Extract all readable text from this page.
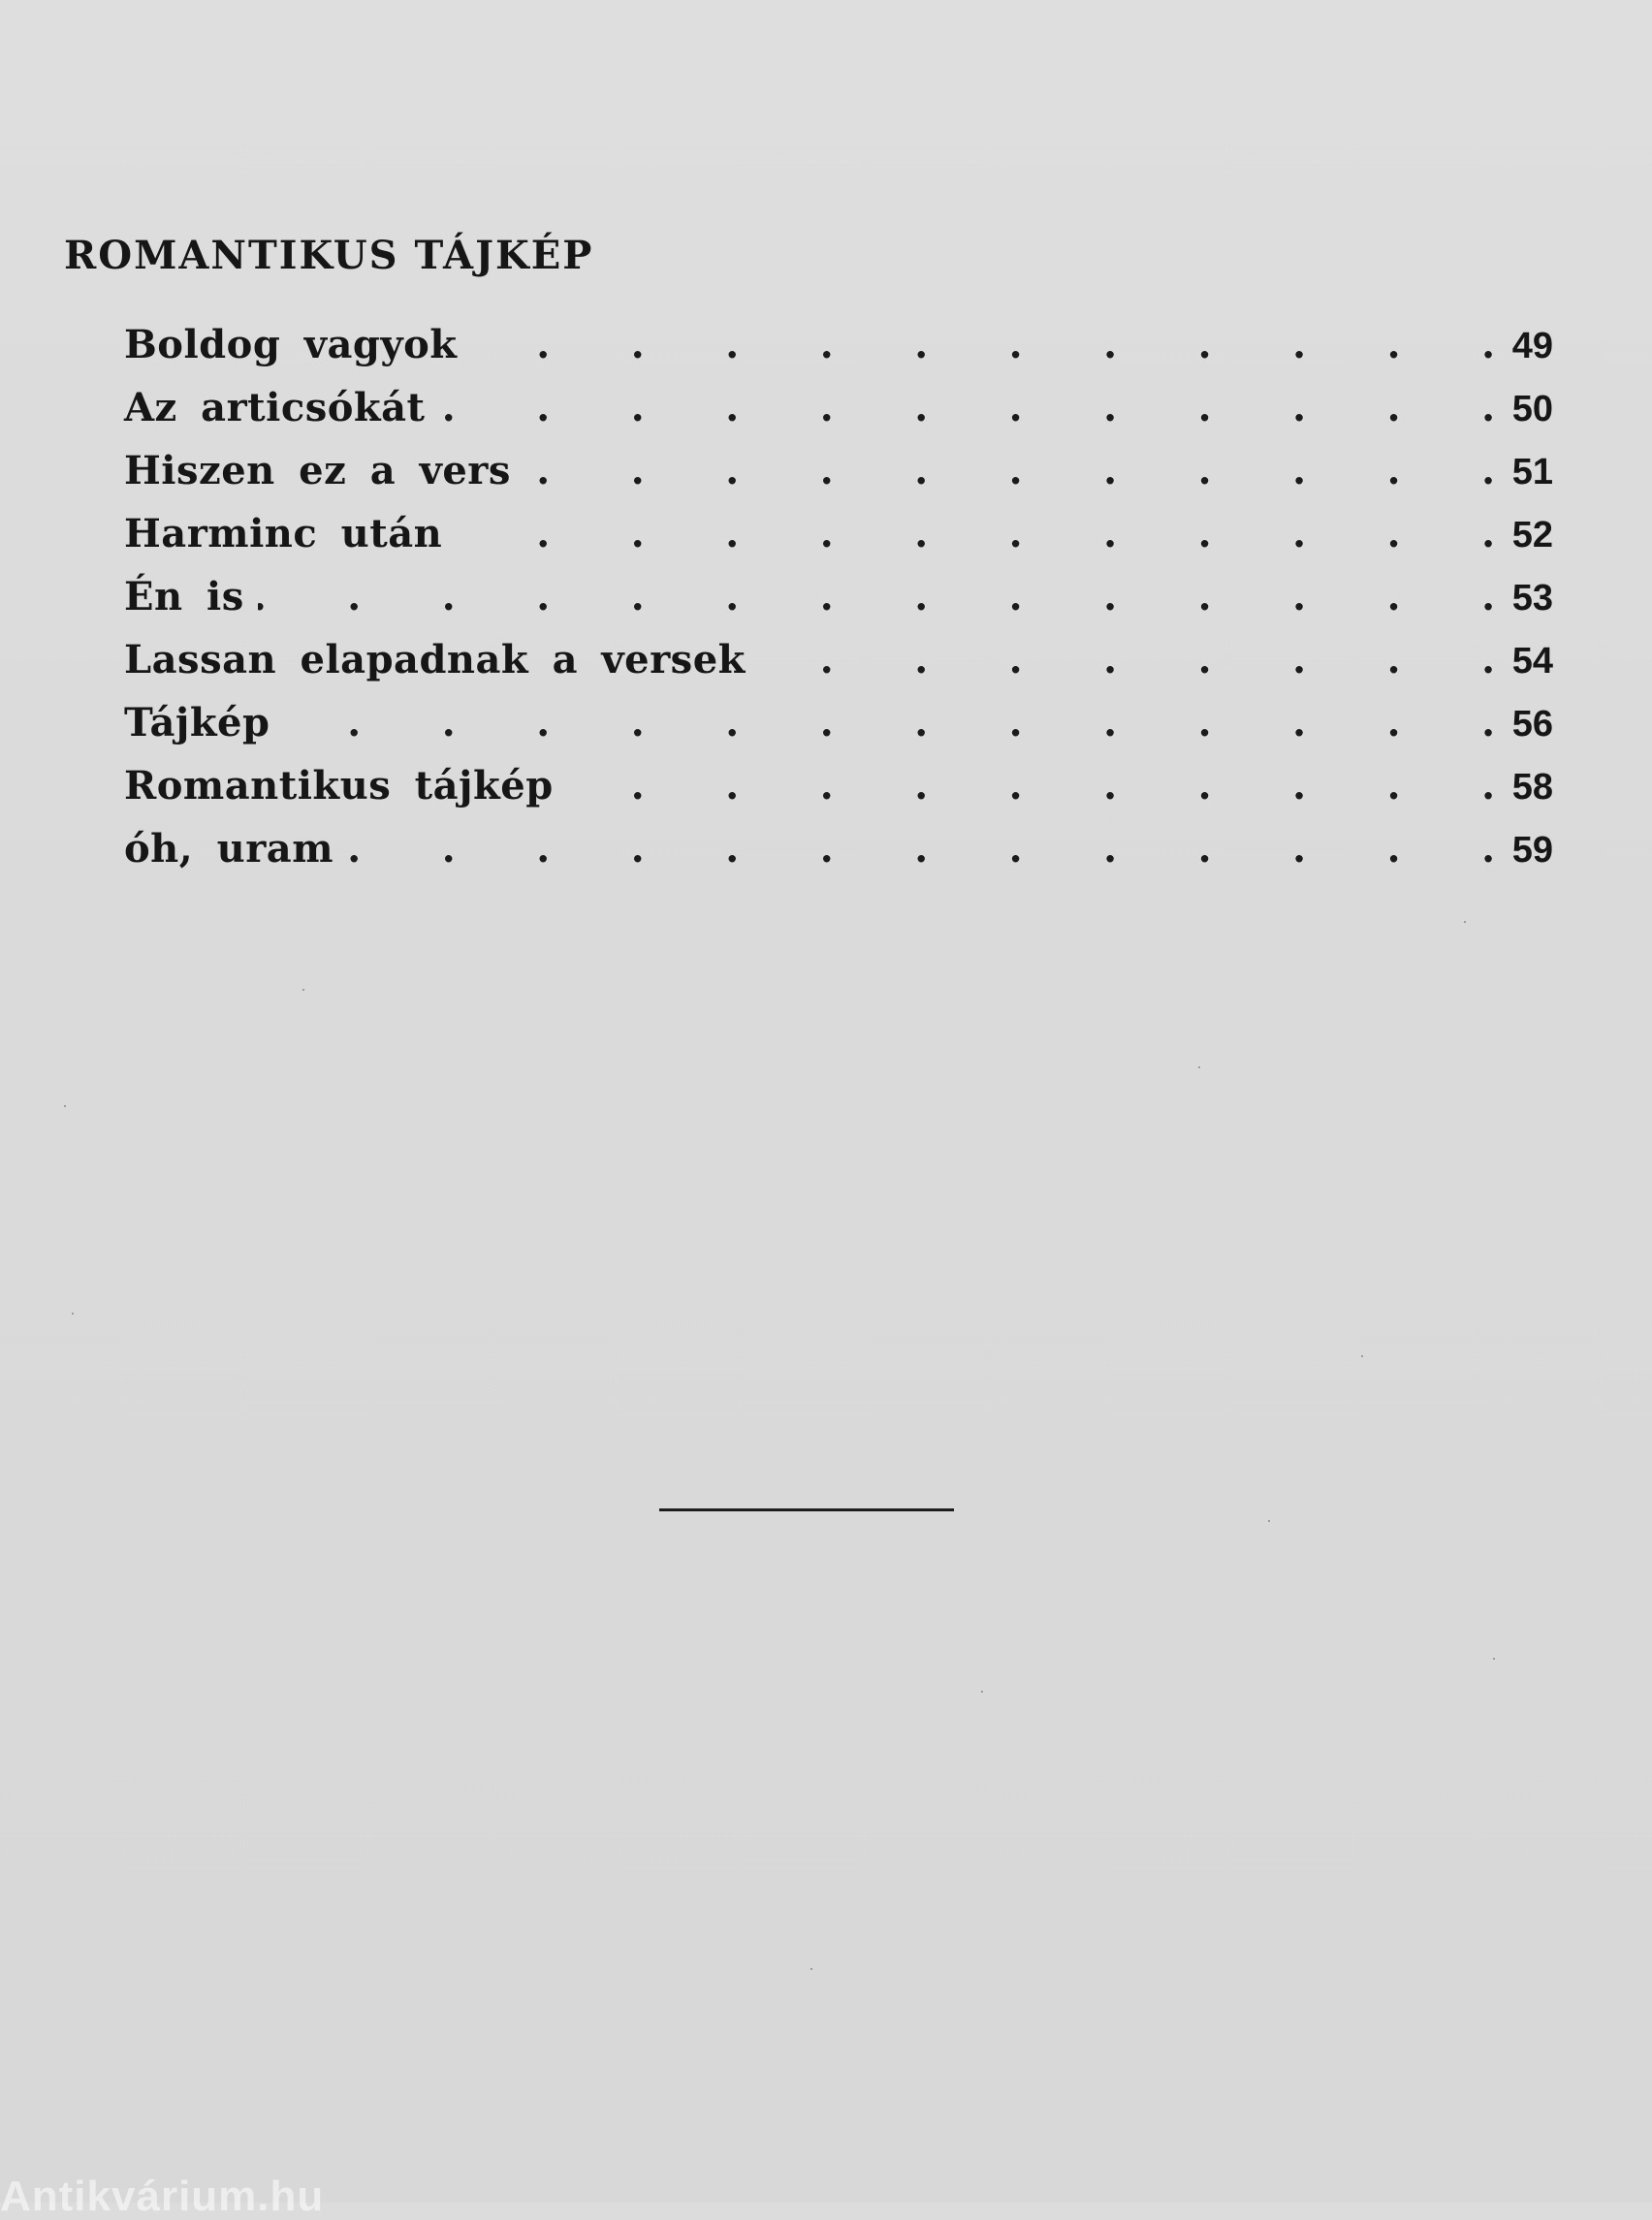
ROMANTIKUS TÁJKÉP
Boldog vagyok .	49
Az articsókát .	50
Hiszen ez a vers .	51
Harminc után .	52
Én is .	53
Lassan elapadnak a versek .	54
Tájkép .	56
Romantikus tájkép .	58
óh, uram .	59
Antikvárium.hu
